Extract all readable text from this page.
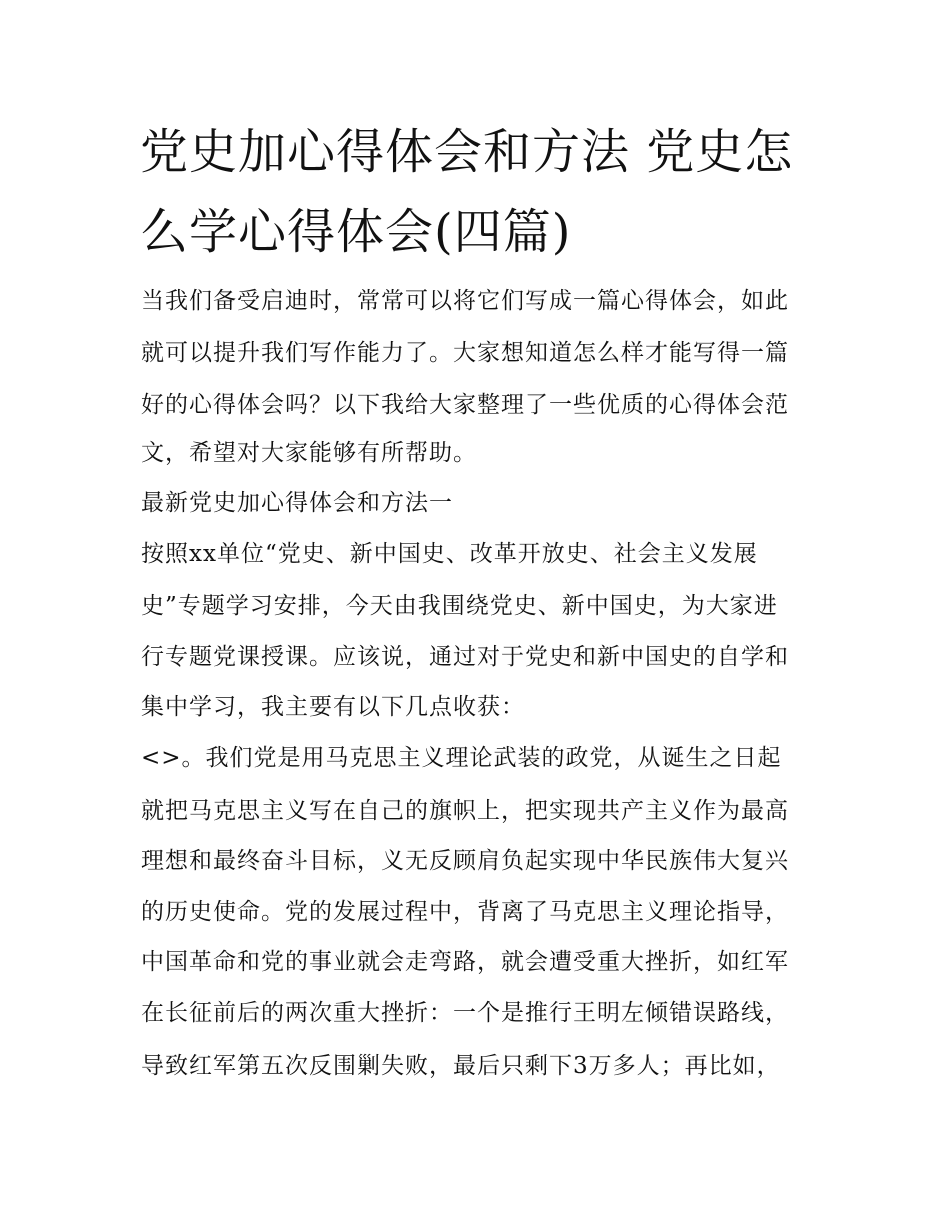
党史加心得体会和方法 党史怎么学心得体会(四篇)

当我们备受启迪时，常常可以将它们写成一篇心得体会，如此

就可以提升我们写作能力了。大家想知道怎么样才能写得一篇

好的心得体会吗？以下我给大家整理了一些优质的心得体会范

文，希望对大家能够有所帮助。

最新党史加心得体会和方法一

按照xx单位“党史、新中国史、改革开放史、社会主义发展

史”专题学习安排，今天由我围绕党史、新中国史，为大家进

行专题党课授课。应该说，通过对于党史和新中国史的自学和

集中学习，我主要有以下几点收获：

<>。我们党是用马克思主义理论武装的政党，从诞生之日起

就把马克思主义写在自己的旗帜上，把实现共产主义作为最高

理想和最终奋斗目标，义无反顾肩负起实现中华民族伟大复兴

的历史使命。党的发展过程中，背离了马克思主义理论指导，

中国革命和党的事业就会走弯路，就会遭受重大挫折，如红军

在长征前后的两次重大挫折：一个是推行王明左倾错误路线，

导致红军第五次反围剿失败，最后只剩下3万多人；再比如，
